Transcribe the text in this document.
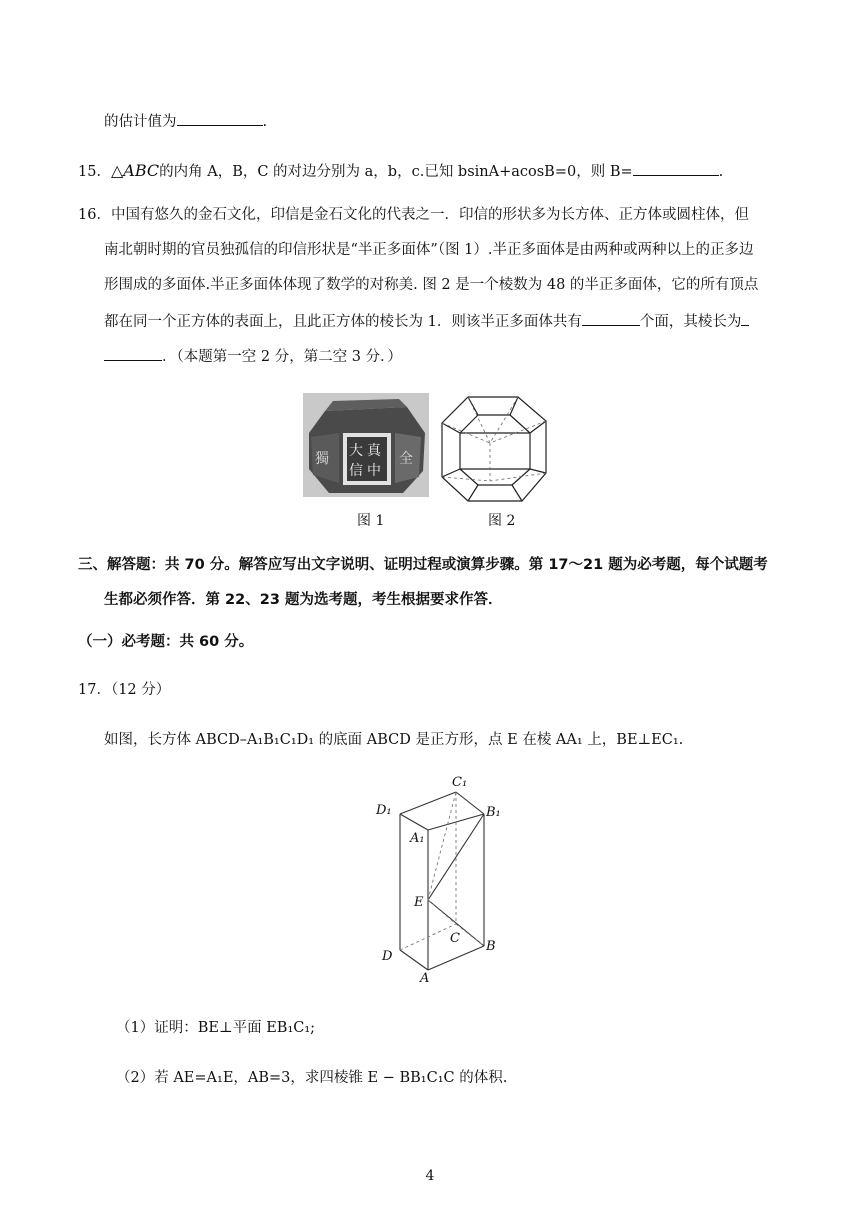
的估计值为	.
15．△ABC的内角 A，B，C 的对边分别为 a，b，c.已知 bsinA+acosB=0，则 B=	.
16．中国有悠久的金石文化，印信是金石文化的代表之一．印信的形状多为长方体、正方体或圆柱体，但
南北朝时期的官员独孤信的印信形状是“半正多面体”（图 1）.半正多面体是由两种或两种以上的正多边
形围成的多面体.半正多面体体现了数学的对称美. 图 2 是一个棱数为 48 的半正多面体，它的所有顶点
都在同一个正方体的表面上，且此正方体的棱长为 1．则该半正多面体共有	个面，其棱长为
．（本题第一空 2 分，第二空 3 分．）
大 真
信 中
全
獨
图 1	图 2
三、解答题：共 70 分。解答应写出文字说明、证明过程或演算步骤。第 17～21 题为必考题，每个试题考
生都必须作答．第 22、23 题为选考题，考生根据要求作答．
（一）必考题：共 60 分。
17．（12 分）
如图，长方体 ABCD–A₁B₁C₁D₁ 的底面 ABCD 是正方形，点 E 在棱 AA₁ 上，BE⊥EC₁.
C₁
D₁	B₁
A₁
E
C
B
D
A
（1）证明：BE⊥平面 EB₁C₁;
（2）若 AE=A₁E，AB=3，求四棱锥 E − BB₁C₁C 的体积.
4
